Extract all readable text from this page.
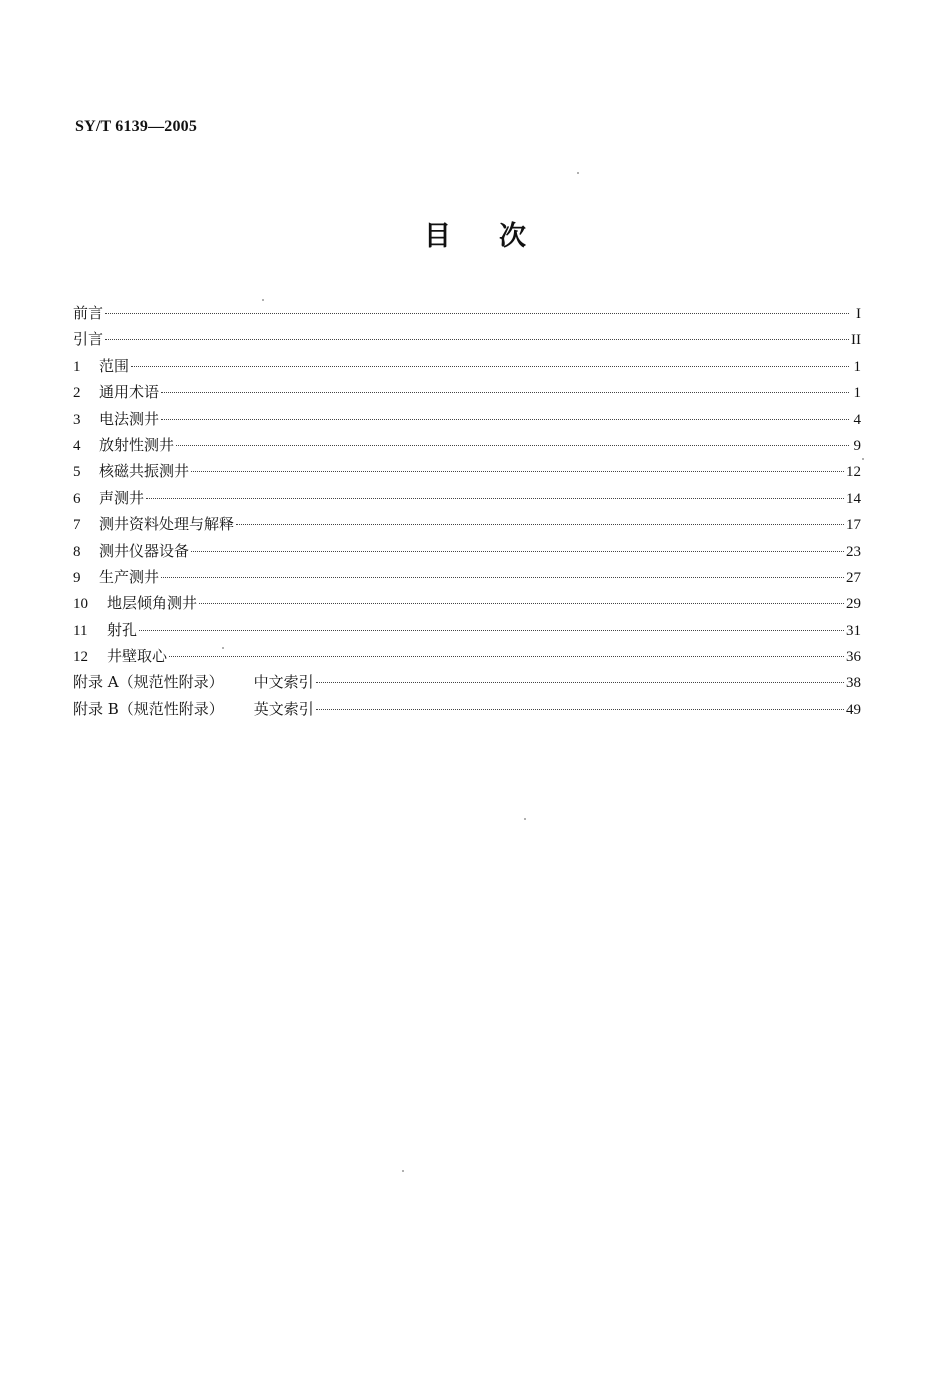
SY/T 6139—2005
目次
前言	I
引言	II
1	范围	1
2	通用术语	1
3	电法测井	4
4	放射性测井	9
5	核磁共振测井	12
6	声测井	14
7	测井资料处理与解释	17
8	测井仪器设备	23
9	生产测井	27
10	地层倾角测井	29
11	射孔	31
12	井壁取心	36
附录 A（规范性附录） 中文索引	38
附录 B（规范性附录） 英文索引	49
